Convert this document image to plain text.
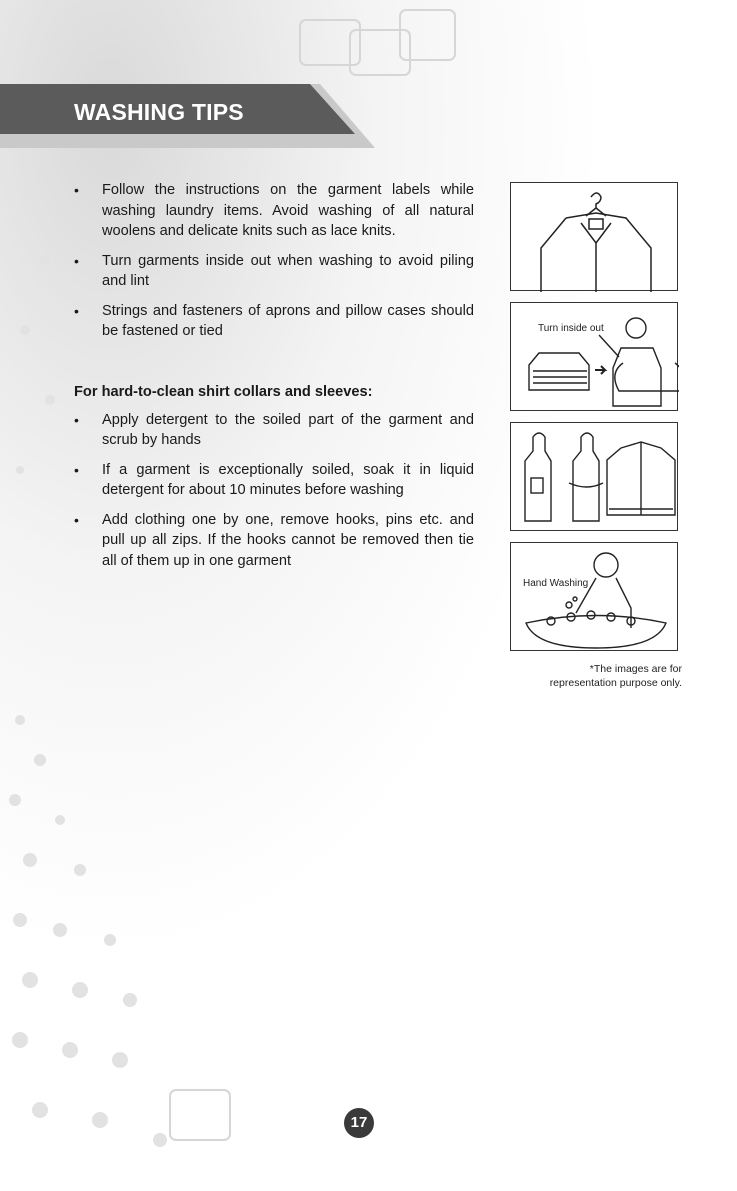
WASHING TIPS
• Follow the instructions on the garment labels while washing laundry items. Avoid washing of all natural woolens and delicate knits such as lace knits.
• Turn garments inside out when washing to avoid piling and lint
• Strings and fasteners of aprons and pillow cases should be fastened or tied
For hard-to-clean shirt collars and sleeves:
• Apply detergent to the soiled part of the garment and scrub by hands
• If a garment is exceptionally soiled, soak it in liquid detergent for about 10 minutes before washing
• Add clothing one by one, remove hooks, pins etc. and pull up all zips. If the hooks cannot be removed then tie all of them up in one garment
Turn inside out
Hand Washing
*The images are for
representation purpose only.
17
